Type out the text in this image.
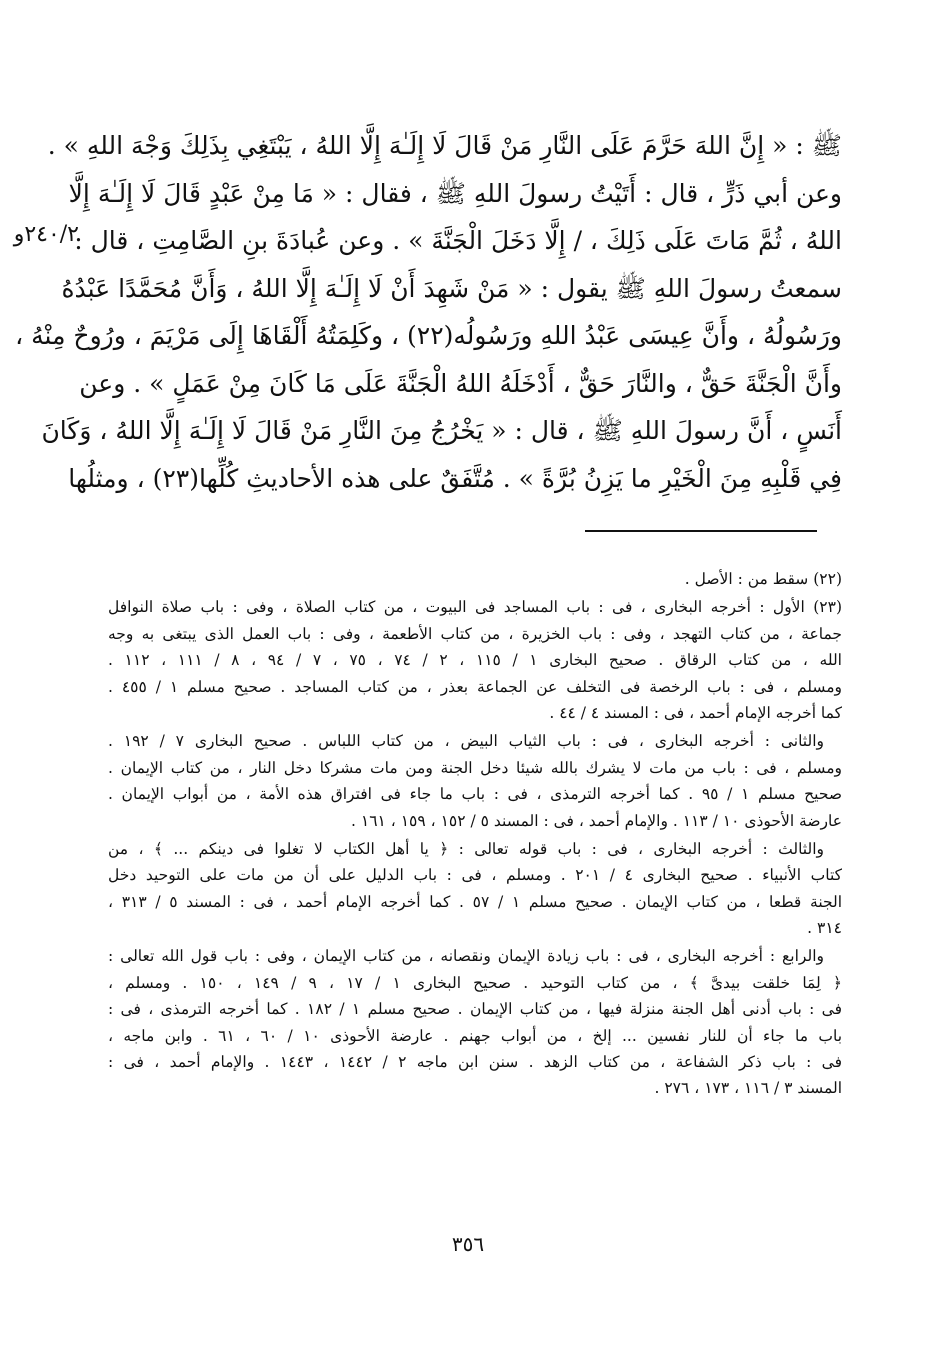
ﷺ : « إِنَّ اللهَ حَرَّمَ عَلَى النَّارِ مَنْ قَالَ لَا إِلَـٰهَ إِلَّا اللهُ ، يَبْتَغِي بِذَلِكَ وَجْهَ اللهِ » .
وعن أبي ذَرٍّ ، قال : أَتَيْتُ رسولَ اللهِ ﷺ ، فقال : « مَا مِنْ عَبْدٍ قَالَ لَا إِلَـٰهَ إِلَّا
اللهُ ، ثُمَّ مَاتَ عَلَى ذَلِكَ ، / إِلَّا دَخَلَ الْجَنَّةَ » . وعن عُبادَةَ بنِ الصَّامِتِ ، قال :
سمعتُ رسولَ اللهِ ﷺ يقول : « مَنْ شَهِدَ أَنْ لَا إِلَـٰهَ إِلَّا اللهُ ، وَأَنَّ مُحَمَّدًا عَبْدُهُ
ورَسُولُهُ ، وأَنَّ عِيسَى عَبْدُ اللهِ ورَسُولُه(٢٢) ، وكَلِمَتُهُ أَلْقَاهَا إِلَى مَرْيَمَ ، ورُوحٌ مِنْهُ ،
وأَنَّ الْجَنَّةَ حَقٌّ ، والنَّارَ حَقٌّ ، أَدْخَلَهُ اللهُ الْجَنَّةَ عَلَى مَا كَانَ مِنْ عَمَلٍ » . وعن
أَنَسٍ ، أَنَّ رسولَ اللهِ ﷺ ، قال : « يَخْرُجُ مِنَ النَّارِ مَنْ قَالَ لَا إِلَـٰهَ إِلَّا اللهُ ، وَكَانَ
فِي قَلْبِهِ مِنَ الْخَيْرِ ما يَزِنُ بُرَّةً » . مُتَّفَقٌ على هذه الأحاديثِ كُلِّها(٢٣) ، ومثلُها
٢٤٠/٢و
(٢٢) سقط من : الأصل .
(٢٣) الأول : أخرجه البخارى ، فى : باب المساجد فى البيوت ، من كتاب الصلاة ، وفى : باب صلاة النوافل
جماعة ، من كتاب التهجد ، وفى : باب الخزيرة ، من كتاب الأطعمة ، وفى : باب العمل الذى يبتغى به وجه
الله ، من كتاب الرقاق . صحيح البخارى ١ / ١١٥ ، ٢ / ٧٤ ، ٧٥ ، ٧ / ٩٤ ، ٨ / ١١١ ، ١١٢ .
ومسلم ، فى : باب الرخصة فى التخلف عن الجماعة بعذر ، من كتاب المساجد . صحيح مسلم ١ / ٤٥٥ .
كما أخرجه الإمام أحمد ، فى : المسند ٤ / ٤٤ .
والثانى : أخرجه البخارى ، فى : باب الثياب البيض ، من كتاب اللباس . صحيح البخارى ٧ / ١٩٢ .
ومسلم ، فى : باب من مات لا يشرك بالله شيئا دخل الجنة ومن مات مشركا دخل النار ، من كتاب الإيمان .
صحيح مسلم ١ / ٩٥ . كما أخرجه الترمذى ، فى : باب ما جاء فى افتراق هذه الأمة ، من أبواب الإيمان .
عارضة الأحوذى ١٠ / ١١٣ . والإمام أحمد ، فى : المسند ٥ / ١٥٢ ، ١٥٩ ، ١٦١ .
والثالث : أخرجه البخارى ، فى : باب قوله تعالى : ﴿ يا أهل الكتاب لا تغلوا فى دينكم ... ﴾ ، من
كتاب الأنبياء . صحيح البخارى ٤ / ٢٠١ . ومسلم ، فى : باب الدليل على أن من مات على التوحيد دخل
الجنة قطعا ، من كتاب الإيمان . صحيح مسلم ١ / ٥٧ . كما أخرجه الإمام أحمد ، فى : المسند ٥ / ٣١٣ ،
٣١٤ .
والرابع : أخرجه البخارى ، فى : باب زيادة الإيمان ونقصانه ، من كتاب الإيمان ، وفى : باب قول الله تعالى :
﴿ لِمَا خلقت بيدىَّ ﴾ ، من كتاب التوحيد . صحيح البخارى ١ / ١٧ ، ٩ / ١٤٩ ، ١٥٠ . ومسلم ،
فى : باب أدنى أهل الجنة منزلة فيها ، من كتاب الإيمان . صحيح مسلم ١ / ١٨٢ . كما أخرجه الترمذى ، فى :
باب ما جاء أن للنار نفسين ... إلخ ، من أبواب جهنم . عارضة الأحوذى ١٠ / ٦٠ ، ٦١ . وابن ماجه ،
فى : باب ذكر الشفاعة ، من كتاب الزهد . سنن ابن ماجه ٢ / ١٤٤٢ ، ١٤٤٣ . والإمام أحمد ، فى :
المسند ٣ / ١١٦ ، ١٧٣ ، ٢٧٦ .
٣٥٦
